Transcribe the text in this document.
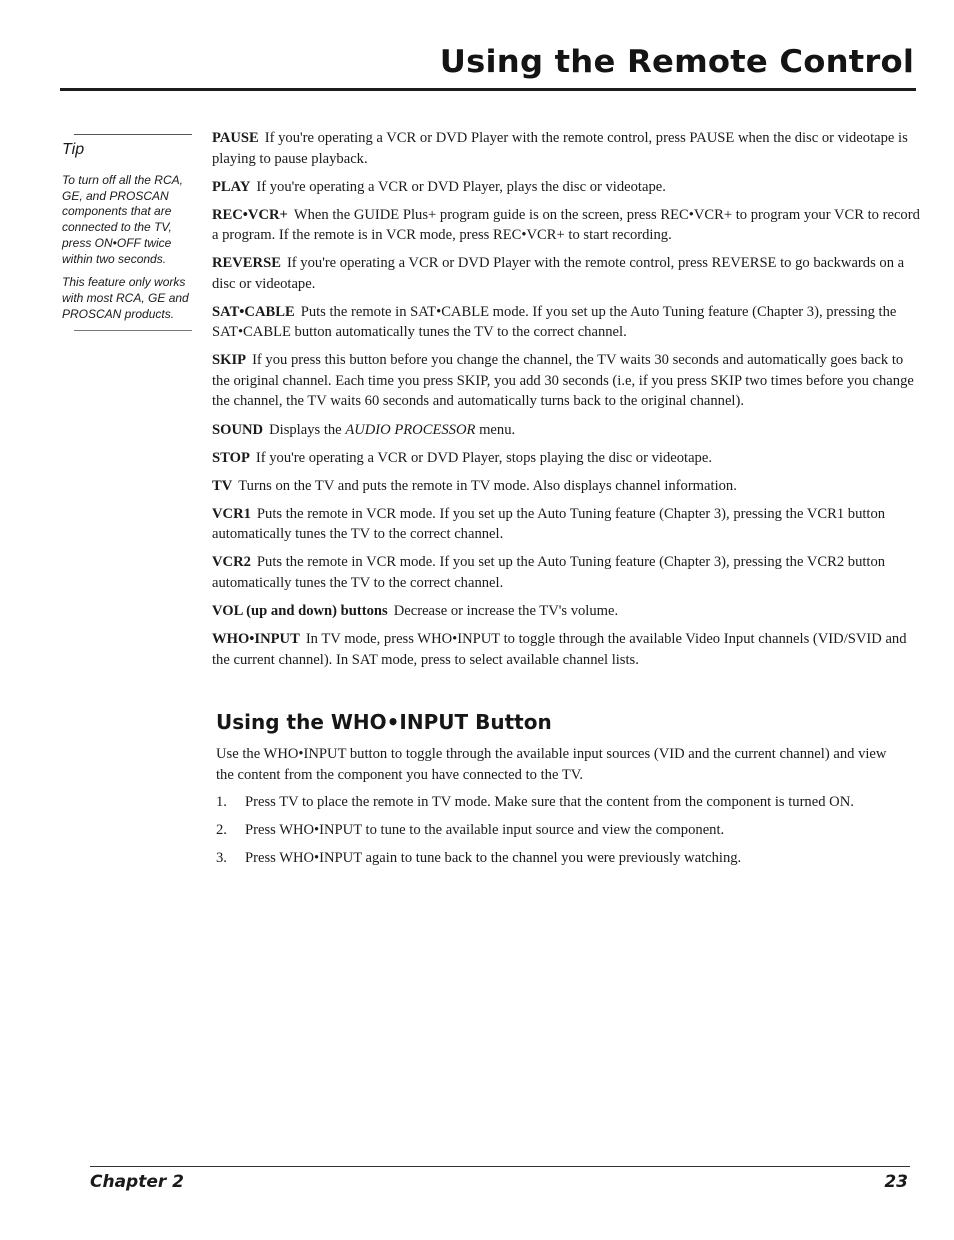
Using the Remote Control
Tip

To turn off all the RCA, GE, and PROSCAN components that are connected to the TV, press ON•OFF twice within two seconds.

This feature only works with most RCA, GE and PROSCAN products.

PAUSE If you're operating a VCR or DVD Player with the remote control, press PAUSE when the disc or videotape is playing to pause playback.

PLAY If you're operating a VCR or DVD Player, plays the disc or videotape.

REC•VCR+ When the GUIDE Plus+ program guide is on the screen, press REC•VCR+ to program your VCR to record a program. If the remote is in VCR mode, press REC•VCR+ to start recording.

REVERSE If you're operating a VCR or DVD Player with the remote control, press REVERSE to go backwards on a disc or videotape.

SAT•CABLE Puts the remote in SAT•CABLE mode. If you set up the Auto Tuning feature (Chapter 3), pressing the SAT•CABLE button automatically tunes the TV to the correct channel.

SKIP If you press this button before you change the channel, the TV waits 30 seconds and automatically goes back to the original channel. Each time you press SKIP, you add 30 seconds (i.e, if you press SKIP two times before you change the channel, the TV waits 60 seconds and automatically turns back to the original channel).

SOUND Displays the AUDIO PROCESSOR menu.

STOP If you're operating a VCR or DVD Player, stops playing the disc or videotape.

TV Turns on the TV and puts the remote in TV mode. Also displays channel information.

VCR1 Puts the remote in VCR mode. If you set up the Auto Tuning feature (Chapter 3), pressing the VCR1 button automatically tunes the TV to the correct channel.

VCR2 Puts the remote in VCR mode. If you set up the Auto Tuning feature (Chapter 3), pressing the VCR2 button automatically tunes the TV to the correct channel.

VOL (up and down) buttons Decrease or increase the TV's volume.

WHO•INPUT In TV mode, press WHO•INPUT to toggle through the available Video Input channels (VID/SVID and the current channel). In SAT mode, press to select available channel lists.

Using the WHO•INPUT Button

Use the WHO•INPUT button to toggle through the available input sources (VID and the current channel) and view the content from the component you have connected to the TV.

1. Press TV to place the remote in TV mode. Make sure that the content from the component is turned ON.
2. Press WHO•INPUT to tune to the available input source and view the component.
3. Press WHO•INPUT again to tune back to the channel you were previously watching.
Chapter 2	23
